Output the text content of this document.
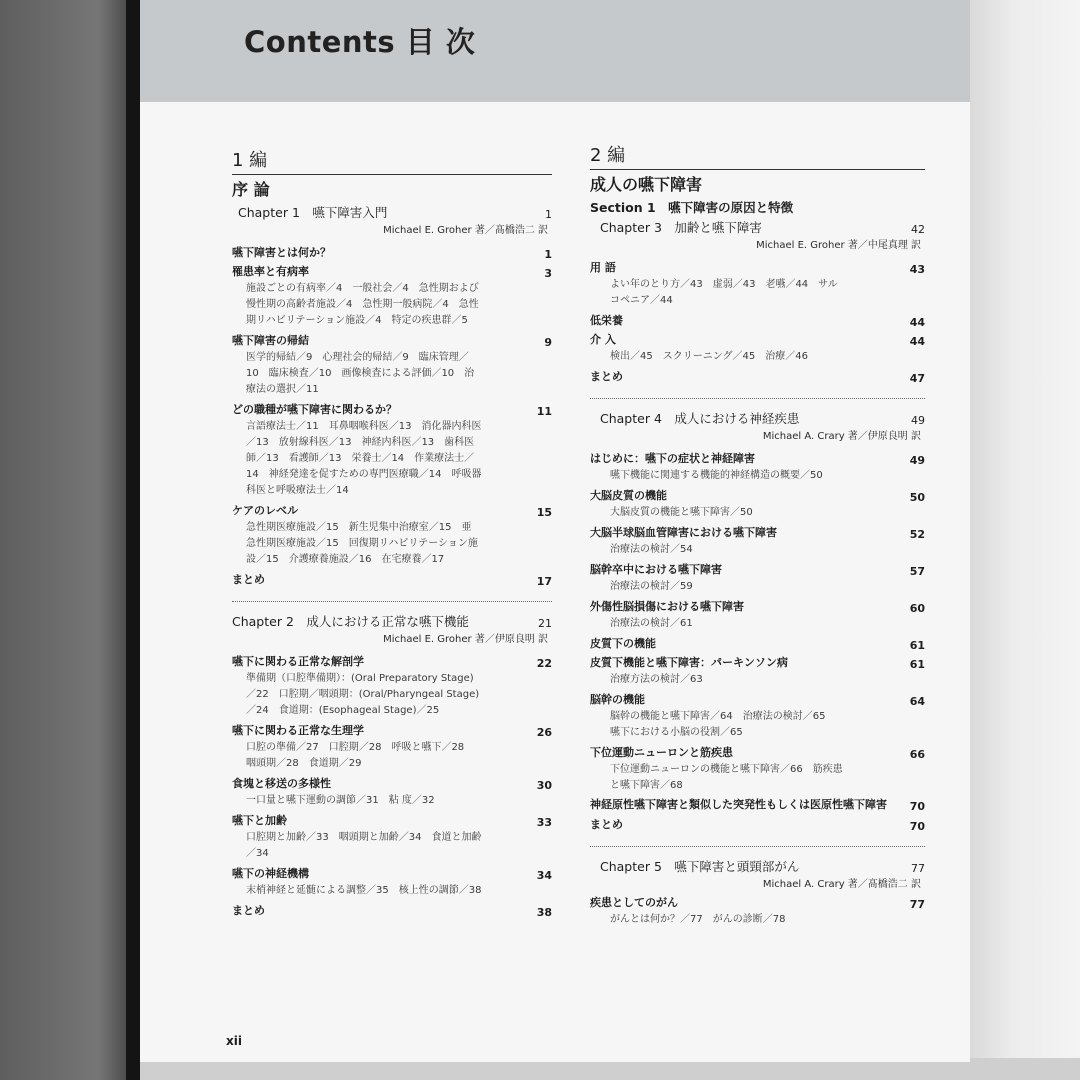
Contents 目 次
1 編
序 論
Chapter 1　嚥下障害入門	1
Michael E. Groher 著／髙橋浩二 訳
嚥下障害とは何か？	1
罹患率と有病率	3
施設ごとの有病率／4　一般社会／4　急性期および
慢性期の高齢者施設／4　急性期一般病院／4　急性
期リハビリテーション施設／4　特定の疾患群／5
嚥下障害の帰結	9
医学的帰結／9　心理社会的帰結／9　臨床管理／
10　臨床検査／10　画像検査による評価／10　治
療法の選択／11
どの職種が嚥下障害に関わるか？	11
言語療法士／11　耳鼻咽喉科医／13　消化器内科医
／13　放射線科医／13　神経内科医／13　歯科医
師／13　看護師／13　栄養士／14　作業療法士／
14　神経発達を促すための専門医療職／14　呼吸器
科医と呼吸療法士／14
ケアのレベル	15
急性期医療施設／15　新生児集中治療室／15　亜
急性期医療施設／15　回復期リハビリテーション施
設／15　介護療養施設／16　在宅療養／17
まとめ	17
Chapter 2　成人における正常な嚥下機能	21
Michael E. Groher 著／伊原良明 訳
嚥下に関わる正常な解剖学	22
準備期（口腔準備期）：(Oral Preparatory Stage)
／22　口腔期／咽頭期：(Oral/Pharyngeal Stage)
／24　食道期：(Esophageal Stage)／25
嚥下に関わる正常な生理学	26
口腔の準備／27　口腔期／28　呼吸と嚥下／28
咽頭期／28　食道期／29
食塊と移送の多様性	30
一口量と嚥下運動の調節／31　粘 度／32
嚥下と加齢	33
口腔期と加齢／33　咽頭期と加齢／34　食道と加齢
／34
嚥下の神経機構	34
末梢神経と延髄による調整／35　核上性の調節／38
まとめ	38
2 編
成人の嚥下障害
Section 1　嚥下障害の原因と特徴
Chapter 3　加齢と嚥下障害	42
Michael E. Groher 著／中尾真理 訳
用 語	43
よい年のとり方／43　虚弱／43　老嚥／44　サル
コペニア／44
低栄養	44
介 入	44
検出／45　スクリーニング／45　治療／46
まとめ	47
Chapter 4　成人における神経疾患	49
Michael A. Crary 著／伊原良明 訳
はじめに：嚥下の症状と神経障害	49
嚥下機能に関連する機能的神経構造の概要／50
大脳皮質の機能	50
大脳皮質の機能と嚥下障害／50
大脳半球脳血管障害における嚥下障害	52
治療法の検討／54
脳幹卒中における嚥下障害	57
治療法の検討／59
外傷性脳損傷における嚥下障害	60
治療法の検討／61
皮質下の機能	61
皮質下機能と嚥下障害：パーキンソン病	61
治療方法の検討／63
脳幹の機能	64
脳幹の機能と嚥下障害／64　治療法の検討／65
嚥下における小脳の役割／65
下位運動ニューロンと筋疾患	66
下位運動ニューロンの機能と嚥下障害／66　筋疾患
と嚥下障害／68
神経原性嚥下障害と類似した突発性もしくは医原性嚥下障害 70
まとめ	70
Chapter 5　嚥下障害と頭頸部がん	77
Michael A. Crary 著／髙橋浩二 訳
疾患としてのがん	77
がんとは何か？／77　がんの診断／78
xii
